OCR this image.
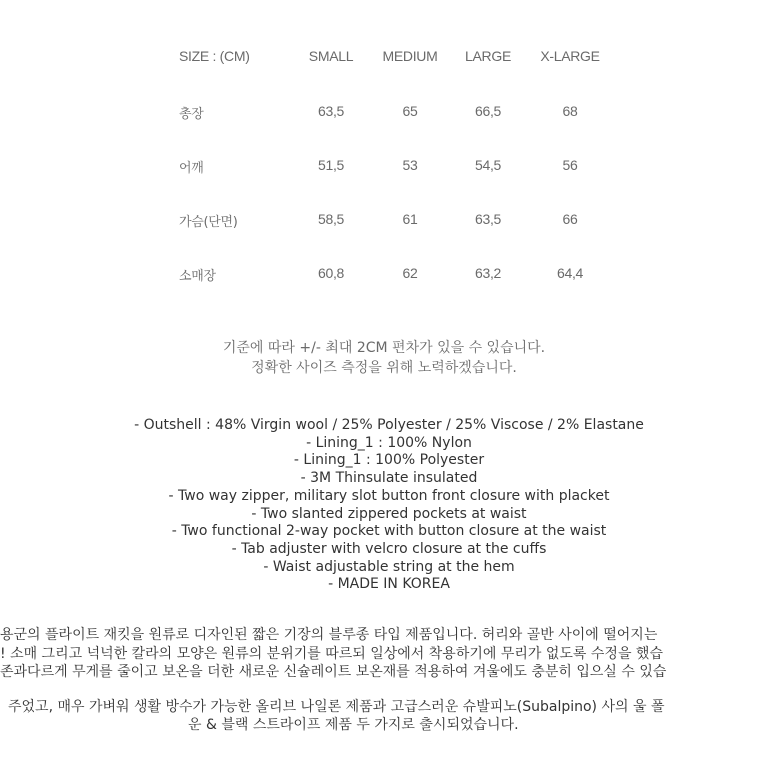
SIZE : (CM)	SMALL MEDIUM LARGE X-LARGE
총장	63,5	65	66,5	68
어깨	51,5	53	54,5	56
가슴(단면)	58,5	61	63,5	66
소매장	60,8	62	63,2	64,4
기준에 따라 +/- 최대 2CM 편차가 있을 수 있습니다.
정확한 사이즈 측정을 위해 노력하겠습니다.
- Outshell : 48% Virgin wool / 25% Polyester / 25% Viscose / 2% Elastane
- Lining_1 : 100% Nylon
- Lining_1 : 100% Polyester
- 3M Thinsulate insulated
- Two way zipper, military slot button front closure with placket
- Two slanted zippered pockets at waist
- Two functional 2-way pocket with button closure at the waist
- Tab adjuster with velcro closure at the cuffs
- Waist adjustable string at the hem
- MADE IN KOREA
용군의 플라이트 재킷을 원류로 디자인된 짧은 기장의 블루종 타입 제품입니다. 허리와 골반 사이에 떨어지는
! 소매 그리고 넉넉한 칼라의 모양은 원류의 분위기를 따르되 일상에서 착용하기에 무리가 없도록 수정을 했습
존과다르게 무게를 줄이고 보온을 더한 새로운 신슐레이트 보온재를 적용하여 겨울에도 충분히 입으실 수 있습
주었고, 매우 가벼워 생활 방수가 가능한 올리브 나일론 제품과 고급스러운 슈발피노(Subalpino) 사의 울 폴
운 & 블랙 스트라이프 제품 두 가지로 출시되었습니다.
